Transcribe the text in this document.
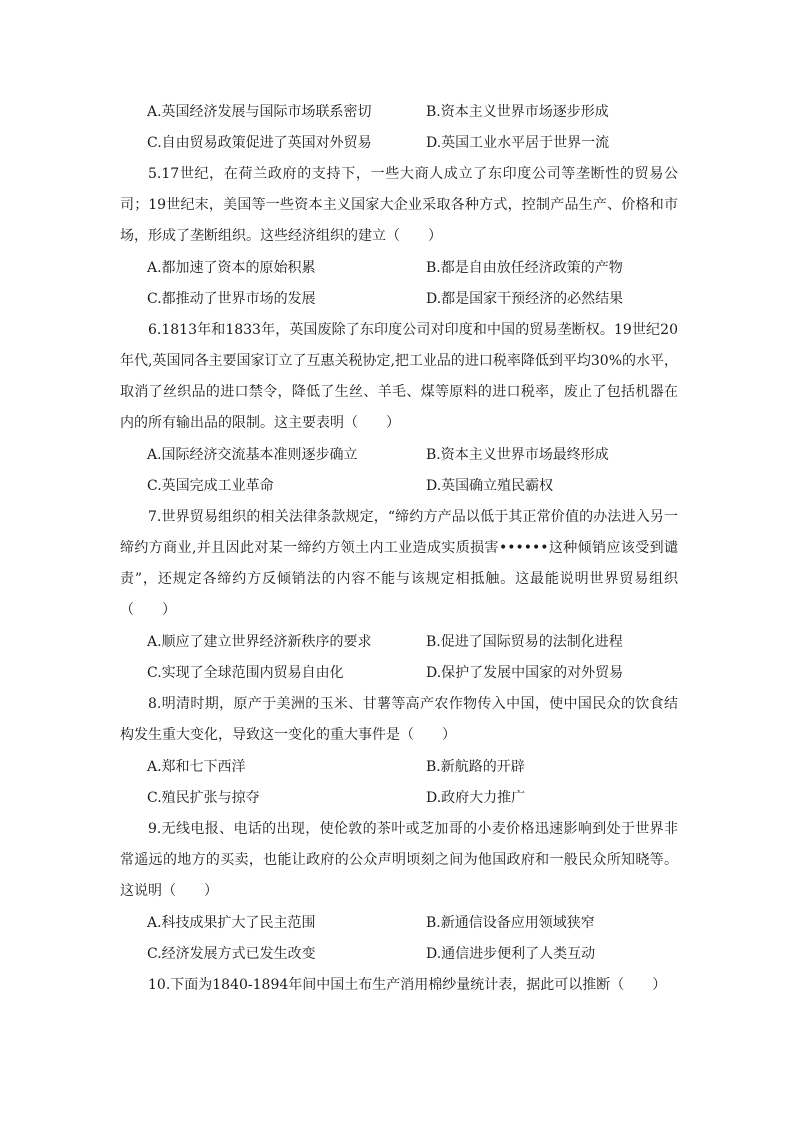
A.英国经济发展与国际市场联系密切	B.资本主义世界市场逐步形成
C.自由贸易政策促进了英国对外贸易	D.英国工业水平居于世界一流

5.17世纪，在荷兰政府的支持下，一些大商人成立了东印度公司等垄断性的贸易公司；19世纪末，美国等一些资本主义国家大企业采取各种方式，控制产品生产、价格和市场，形成了垄断组织。这些经济组织的建立（　　）

A.都加速了资本的原始积累	B.都是自由放任经济政策的产物
C.都推动了世界市场的发展	D.都是国家干预经济的必然结果

6.1813年和1833年，英国废除了东印度公司对印度和中国的贸易垄断权。19世纪20年代,英国同各主要国家订立了互惠关税协定,把工业品的进口税率降低到平均30%的水平，取消了丝织品的进口禁令，降低了生丝、羊毛、煤等原料的进口税率，废止了包括机器在内的所有输出品的限制。这主要表明（　　）

A.国际经济交流基本准则逐步确立	B.资本主义世界市场最终形成
C.英国完成工业革命	D.英国确立殖民霸权

7.世界贸易组织的相关法律条款规定，“缔约方产品以低于其正常价值的办法进入另一缔约方商业,并且因此对某一缔约方领土内工业造成实质损害••••••这种倾销应该受到谴责”，还规定各缔约方反倾销法的内容不能与该规定相抵触。这最能说明世界贸易组织（　　）

A.顺应了建立世界经济新秩序的要求	B.促进了国际贸易的法制化进程
C.实现了全球范围内贸易自由化	D.保护了发展中国家的对外贸易

8.明清时期，原产于美洲的玉米、甘薯等高产农作物传入中国，使中国民众的饮食结构发生重大变化，导致这一变化的重大事件是（　　）

A.郑和七下西洋	B.新航路的开辟
C.殖民扩张与掠夺	D.政府大力推广

9.无线电报、电话的出现，使伦敦的茶叶或芝加哥的小麦价格迅速影响到处于世界非常遥远的地方的买卖，也能让政府的公众声明顷刻之间为他国政府和一般民众所知晓等。这说明（　　）

A.科技成果扩大了民主范围	B.新通信设备应用领域狭窄
C.经济发展方式已发生改变	D.通信进步便利了人类互动

10.下面为1840-1894年间中国土布生产消用棉纱量统计表，据此可以推断（　　）
